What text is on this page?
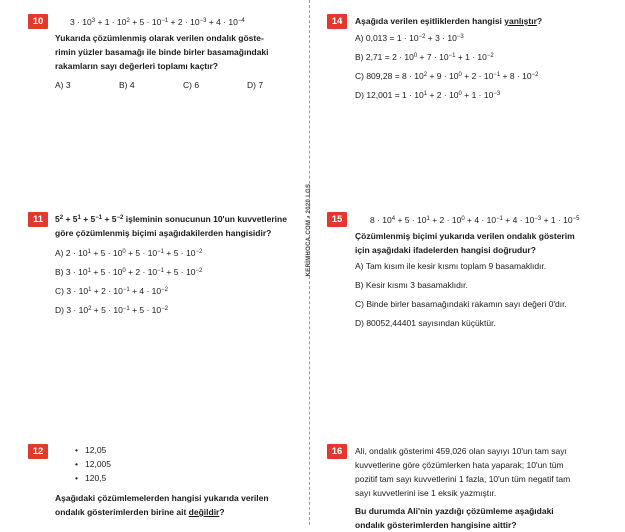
10	$3 \cdot 10^3 + 1 \cdot 10^2 + 5 \cdot 10^{-1} + 2 \cdot 10^{-3} + 4 \cdot 10^{-4}$
Yukarıda çözümlenmiş olarak verilen ondalık göste-
rimin yüzler basamağı ile binde birler basamağındaki
rakamların sayı değerleri toplamı kaçtır?
A) 3	B) 4	C) 6	D) 7
11	$5^2 + 5^1 + 5^{-1} + 5^{-2}$ işleminin sonucunun 10'un kuvvetlerine
göre çözümlenmiş biçimi aşağıdakilerden hangisidir?
A) $2 \cdot 10^1 + 5 \cdot 10^0 + 5 \cdot 10^{-1} + 5 \cdot 10^{-2}$
B) $3 \cdot 10^1 + 5 \cdot 10^0 + 2 \cdot 10^{-1} + 5 \cdot 10^{-2}$
C) $3 \cdot 10^1 + 2 \cdot 10^{-1} + 4 \cdot 10^{-2}$
D) $3 \cdot 10^2 + 5 \cdot 10^{-1} + 5 \cdot 10^{-2}$
12
•	12,05
• 12,005
• 120,5
Aşağıdaki çözümlemelerden hangisi yukarıda verilen
ondalık gösterimlerden birine ait değildir?
KERİMHOCA.COM • 2020 LGS
14	Aşağıda verilen eşitliklerden hangisi yanlıştır?
A) $0,013 = 1 \cdot 10^{-2} + 3 \cdot 10^{-3}$
B) $2,71 = 2 \cdot 10^0 + 7 \cdot 10^{-1} + 1 \cdot 10^{-2}$
C) $809,28 = 8 \cdot 10^2 + 9 \cdot 10^0 + 2 \cdot 10^{-1} + 8 \cdot 10^{-2}$
D) $12,001 = 1 \cdot 10^1 + 2 \cdot 10^0 + 1 \cdot 10^{-3}$
15	$8 \cdot 10^4 + 5 \cdot 10^1 + 2 \cdot 10^0 + 4 \cdot 10^{-1} + 4 \cdot 10^{-3} + 1 \cdot 10^{-5}$
Çözümlenmiş biçimi yukarıda verilen ondalık gösterim
için aşağıdaki ifadelerden hangisi doğrudur?
A) Tam kısım ile kesir kısmı toplam 9 basamaklıdır.
B) Kesir kısmı 3 basamaklıdır.
C) Binde birler basamağındaki rakamın sayı değeri 0'dır.
D) 80052,44401 sayısından küçüktür.
16	Ali, ondalık gösterimi 459,026 olan sayıyı 10'un tam sayı
kuvvetlerine göre çözümlerken hata yaparak; 10'un tüm
pozitif tam sayı kuvvetlerini 1 fazla, 10'un tüm negatif tam
sayı kuvvetlerini ise 1 eksik yazmıştır.
Bu durumda Ali'nin yazdığı çözümleme aşağıdaki
ondalık gösterimlerden hangisine aittir?
